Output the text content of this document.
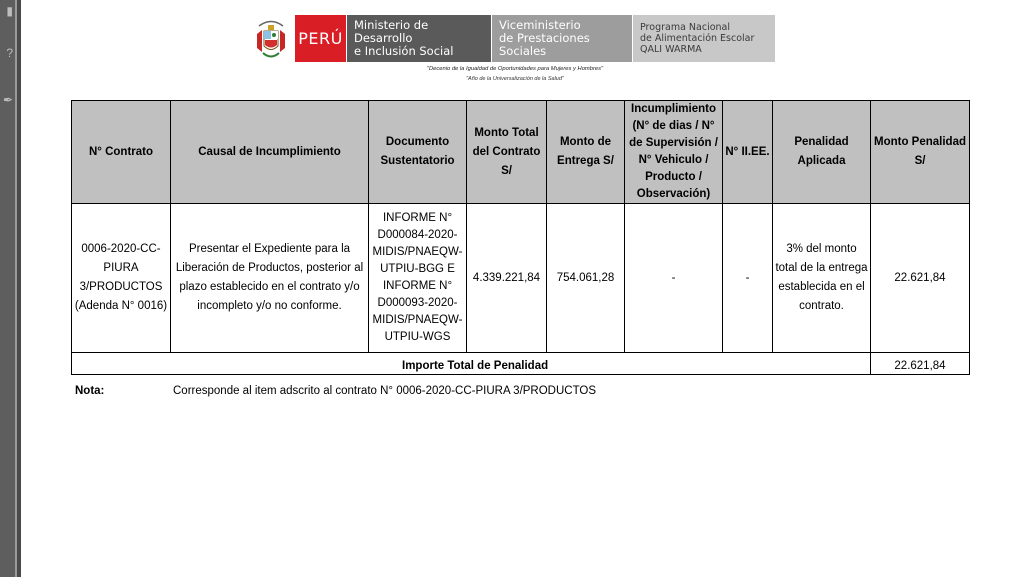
▮
?
✒
PERÚ
Ministerio de Desarrollo
e Inclusión Social
Viceministerio
de Prestaciones Sociales
Programa Nacional
de Alimentación Escolar
QALI WARMA
"Decenio de la Igualdad de Oportunidades para Mujeres y Hombres"
"Año de la Universalización de la Salud"
N° Contrato	Causal de Incumplimiento	Documento Sustentatorio	Monto Total del Contrato S/	Monto de Entrega S/	Incumplimiento (N° de dias / N° de Supervisión / N° Vehiculo / Producto / Observación)	N° II.EE.	Penalidad Aplicada	Monto Penalidad S/
0006-2020-CC-PIURA 3/PRODUCTOS (Adenda N° 0016)	Presentar el Expediente para la Liberación de Productos, posterior al plazo establecido en el contrato y/o incompleto y/o no conforme.	INFORME N° D000084-2020-MIDIS/PNAEQW-UTPIU-BGG E INFORME N° D000093-2020-MIDIS/PNAEQW-UTPIU-WGS	4.339.221,84	754.061,28	-	-	3% del monto total de la entrega establecida en el contrato.	22.621,84
Importe Total de Penalidad								22.621,84
Nota:	Corresponde al item adscrito al contrato N° 0006-2020-CC-PIURA 3/PRODUCTOS
